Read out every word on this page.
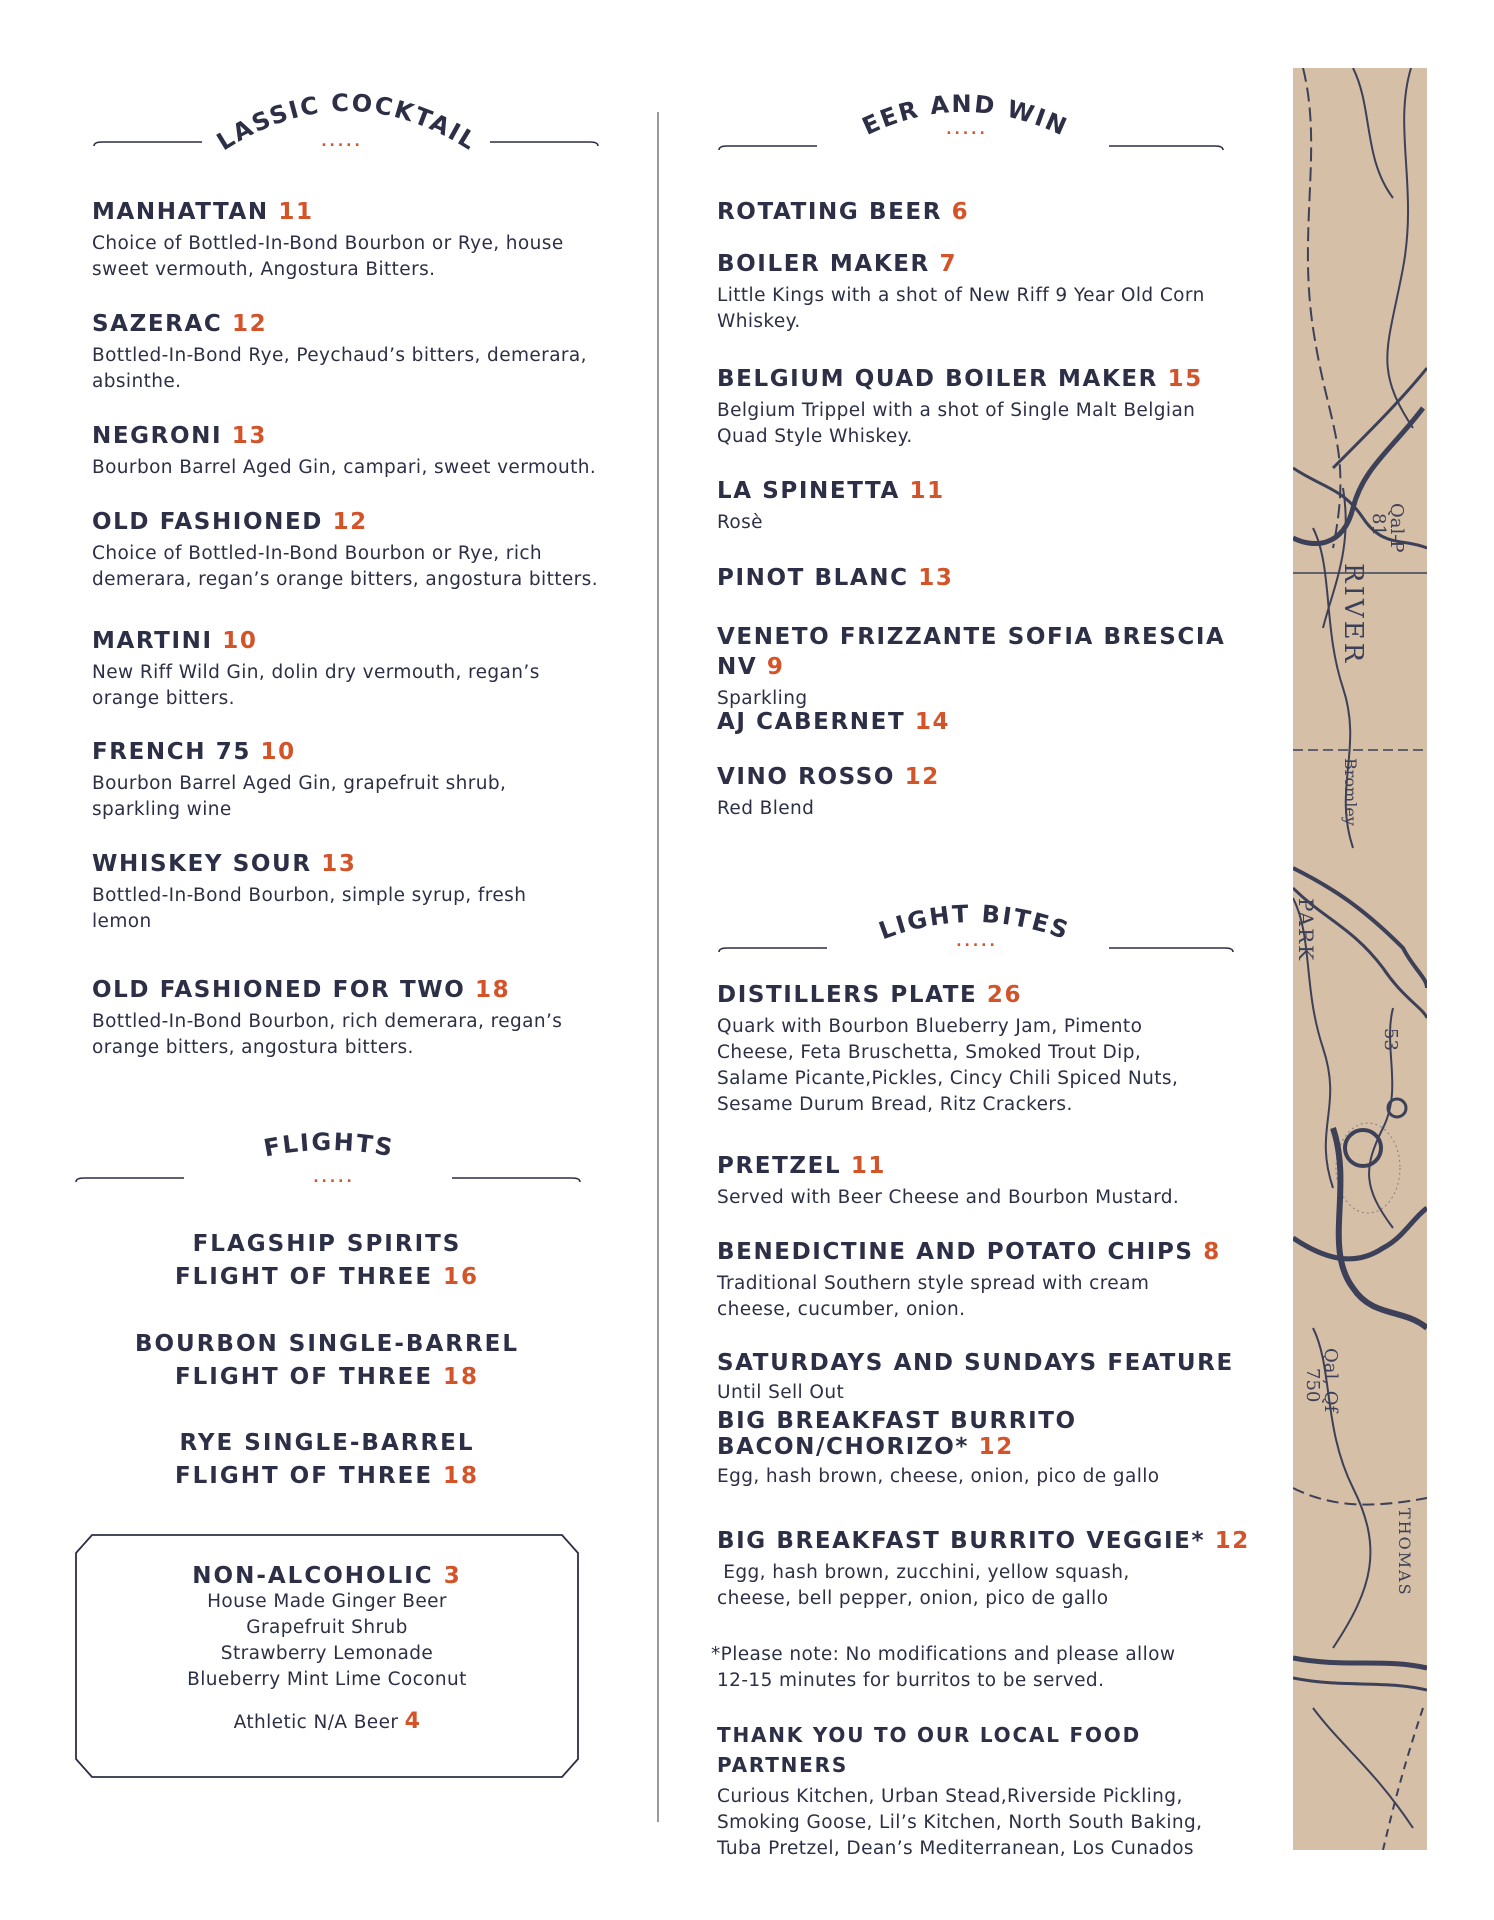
CLASSIC COCKTAILS
.....
MANHATTAN 11
Choice of Bottled-In-Bond Bourbon or Rye, house
sweet vermouth, Angostura Bitters.
SAZERAC 12
Bottled-In-Bond Rye, Peychaud’s bitters, demerara,
absinthe.
NEGRONI 13
Bourbon Barrel Aged Gin, campari, sweet vermouth.
OLD FASHIONED 12
Choice of Bottled-In-Bond Bourbon or Rye, rich
demerara, regan’s orange bitters, angostura bitters.
MARTINI 10
New Riff Wild Gin, dolin dry vermouth, regan’s
orange bitters.
FRENCH 75 10
Bourbon Barrel Aged Gin, grapefruit shrub,
sparkling wine
WHISKEY SOUR 13
Bottled-In-Bond Bourbon, simple syrup, fresh
lemon
OLD FASHIONED FOR TWO 18
Bottled-In-Bond Bourbon, rich demerara, regan’s
orange bitters, angostura bitters.
FLIGHTS
.....
FLAGSHIP SPIRITS
FLIGHT OF THREE 16
BOURBON SINGLE-BARREL
FLIGHT OF THREE 18
RYE SINGLE-BARREL
FLIGHT OF THREE 18
NON-ALCOHOLIC 3
House Made Ginger Beer
Grapefruit Shrub
Strawberry Lemonade
Blueberry Mint Lime Coconut
Athletic N/A Beer 4
BEER AND WINE
.....
ROTATING BEER 6
BOILER MAKER 7
Little Kings with a shot of New Riff 9 Year Old Corn
Whiskey.
BELGIUM QUAD BOILER MAKER 15
Belgium Trippel with a shot of Single Malt Belgian
Quad Style Whiskey.
LA SPINETTA 11
Rosè
PINOT BLANC 13
VENETO FRIZZANTE SOFIA BRESCIA NV 9
Sparkling
AJ CABERNET 14
VINO ROSSO 12
Red Blend
LIGHT BITES
.....
DISTILLERS PLATE 26
Quark with Bourbon Blueberry Jam, Pimento
Cheese, Feta Bruschetta, Smoked Trout Dip,
Salame Picante,Pickles, Cincy Chili Spiced Nuts,
Sesame Durum Bread, Ritz Crackers.
PRETZEL 11
Served with Beer Cheese and Bourbon Mustard.
BENEDICTINE AND POTATO CHIPS 8
Traditional Southern style spread with cream
cheese, cucumber, onion.
SATURDAYS AND SUNDAYS FEATURE
Until Sell Out
BIG BREAKFAST BURRITO
BACON/CHORIZO* 12
Egg, hash brown, cheese, onion, pico de gallo
BIG BREAKFAST BURRITO VEGGIE* 12
Egg, hash brown, zucchini, yellow squash,
cheese, bell pepper, onion, pico de gallo
*Please note: No modifications and please allow
12-15 minutes for burritos to be served.
THANK YOU TO OUR LOCAL FOOD PARTNERS
Curious Kitchen, Urban Stead,Riverside Pickling,
Smoking Goose, Lil’s Kitchen, North South Baking,
Tuba Pretzel, Dean’s Mediterranean, Los Cunados
Qal-P
81
RIVER
Bromley
PARK
53
Qal, Qf
750
THOMAS
